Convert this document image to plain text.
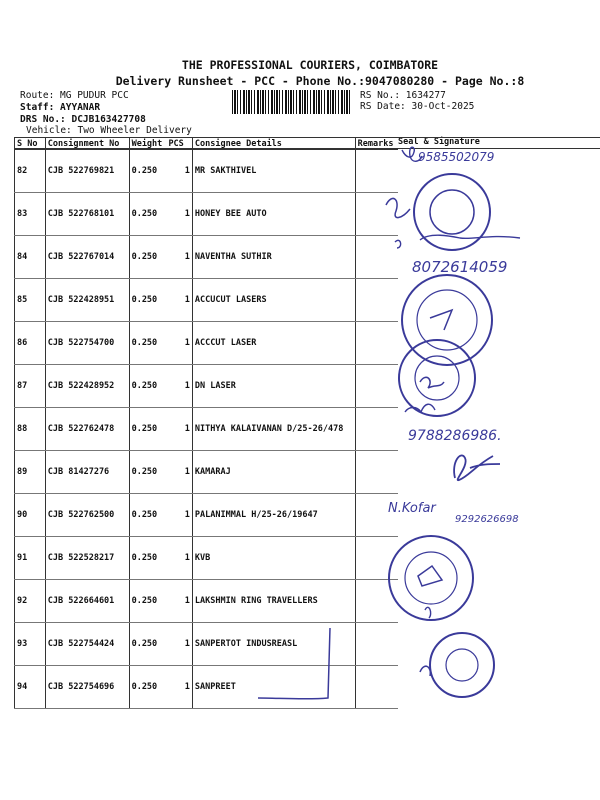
THE PROFESSIONAL COURIERS, COIMBATORE
Delivery Runsheet - PCC - Phone No.:9047080280 - Page No.:8
Route: MG PUDUR PCC
Staff: AYYANAR
DRS No.: DCJB163427708
Vehicle: Two Wheeler Delivery
RS No.: 1634277
RS Date: 30-Oct-2025
S No	Consignment No	Weight	PCS	Consignee Details	Remarks
82	CJB 522769821	0.250	1	MR SAKTHIVEL	
83	CJB 522768101	0.250	1	HONEY BEE AUTO	
84	CJB 522767014	0.250	1	NAVENTHA SUTHIR	
85	CJB 522428951	0.250	1	ACCUCUT LASERS	
86	CJB 522754700	0.250	1	ACCCUT LASER	
87	CJB 522428952	0.250	1	DN LASER	
88	CJB 522762478	0.250	1	NITHYA KALAIVANAN D/25-26/478	
89	CJB 81427276	0.250	1	KAMARAJ	
90	CJB 522762500	0.250	1	PALANIMMAL H/25-26/19647	
91	CJB 522528217	0.250	1	KVB	
92	CJB 522664601	0.250	1	LAKSHMIN RING TRAVELLERS	
93	CJB 522754424	0.250	1	SANPERTOT INDUSREASL	
94	CJB 522754696	0.250	1	SANPREET	
Seal & Signature
9585502079
8072614059
9788286986.
N.Kofar
9292626698
